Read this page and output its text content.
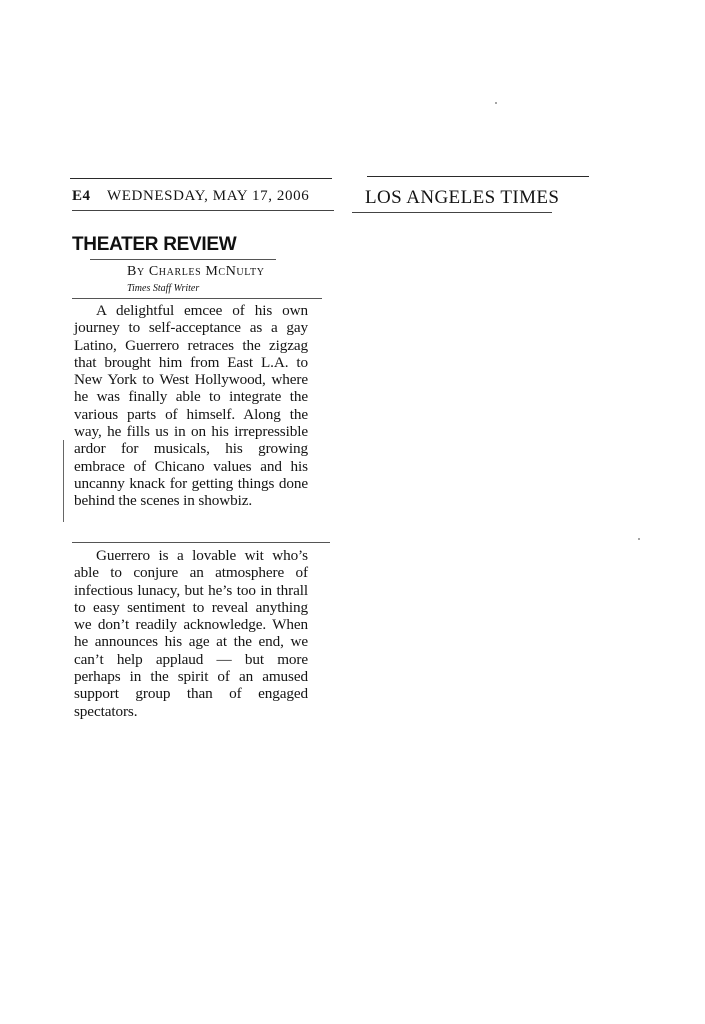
E4 WEDNESDAY, MAY 17, 2006	LOS ANGELES TIMES
THEATER REVIEW
By Charles McNulty
Times Staff Writer

A delightful emcee of his own journey to self-acceptance as a gay Latino, Guerrero retraces the zigzag that brought him from East L.A. to New York to West Hollywood, where he was finally able to integrate the various parts of himself. Along the way, he fills us in on his irrepressible ardor for musicals, his growing embrace of Chicano values and his uncanny knack for getting things done behind the scenes in showbiz.

Guerrero is a lovable wit who’s able to conjure an atmosphere of infectious lunacy, but he’s too in thrall to easy sentiment to reveal anything we don’t readily acknowledge. When he announces his age at the end, we can’t help applaud — but more perhaps in the spirit of an amused support group than of engaged spectators.
